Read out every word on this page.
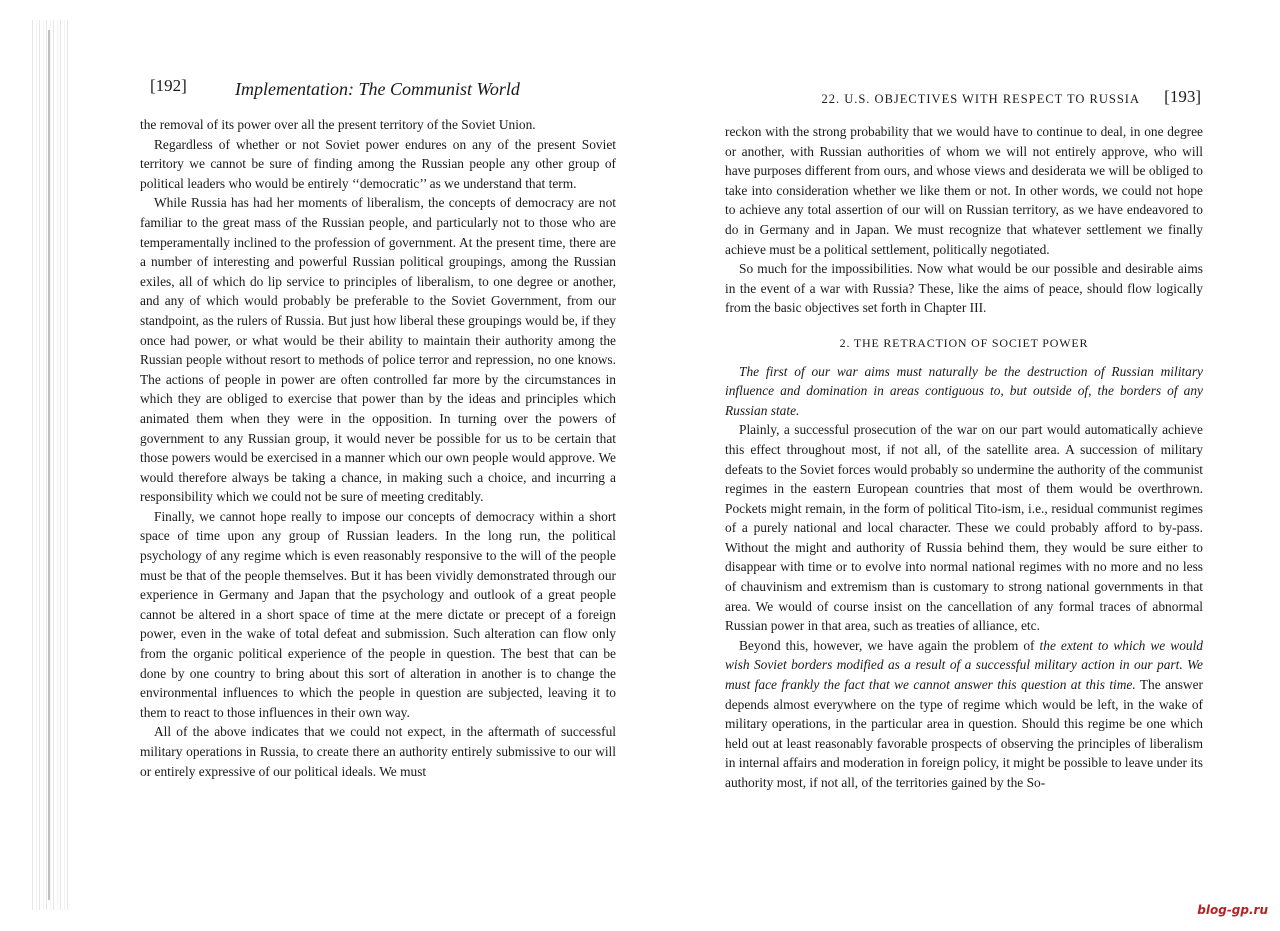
[192]	Implementation: The Communist World

the removal of its power over all the present territory of the Soviet Union.

Regardless of whether or not Soviet power endures on any of the present Soviet territory we cannot be sure of finding among the Russian people any other group of political leaders who would be entirely ‘‘democratic’’ as we understand that term.

While Russia has had her moments of liberalism, the concepts of democracy are not familiar to the great mass of the Russian people, and particularly not to those who are temperamentally inclined to the profession of government. At the present time, there are a number of interesting and powerful Russian political groupings, among the Russian exiles, all of which do lip service to principles of liberalism, to one degree or another, and any of which would probably be preferable to the Soviet Government, from our standpoint, as the rulers of Russia. But just how liberal these groupings would be, if they once had power, or what would be their ability to maintain their authority among the Russian people without resort to methods of police terror and repression, no one knows. The actions of people in power are often controlled far more by the circumstances in which they are obliged to exercise that power than by the ideas and principles which animated them when they were in the opposition. In turning over the powers of government to any Russian group, it would never be possible for us to be certain that those powers would be exercised in a manner which our own people would approve. We would therefore always be taking a chance, in making such a choice, and incurring a responsibility which we could not be sure of meeting creditably.

Finally, we cannot hope really to impose our concepts of democracy within a short space of time upon any group of Russian leaders. In the long run, the political psychology of any regime which is even reasonably responsive to the will of the people must be that of the people themselves. But it has been vividly demonstrated through our experience in Germany and Japan that the psychology and outlook of a great people cannot be altered in a short space of time at the mere dictate or precept of a foreign power, even in the wake of total defeat and submission. Such alteration can flow only from the organic political experience of the people in question. The best that can be done by one country to bring about this sort of alteration in another is to change the environmental influences to which the people in question are subjected, leaving it to them to react to those influences in their own way.

All of the above indicates that we could not expect, in the aftermath of successful military operations in Russia, to create there an authority entirely submissive to our will or entirely expressive of our political ideals. We must

22. U.S. OBJECTIVES WITH RESPECT TO RUSSIA [193]

reckon with the strong probability that we would have to continue to deal, in one degree or another, with Russian authorities of whom we will not entirely approve, who will have purposes different from ours, and whose views and desiderata we will be obliged to take into consideration whether we like them or not. In other words, we could not hope to achieve any total assertion of our will on Russian territory, as we have endeavored to do in Germany and in Japan. We must recognize that whatever settlement we finally achieve must be a political settlement, politically negotiated.

So much for the impossibilities. Now what would be our possible and desirable aims in the event of a war with Russia? These, like the aims of peace, should flow logically from the basic objectives set forth in Chapter III.

2. THE RETRACTION OF SOCIET POWER

The first of our war aims must naturally be the destruction of Russian military influence and domination in areas contiguous to, but outside of, the borders of any Russian state.

Plainly, a successful prosecution of the war on our part would automatically achieve this effect throughout most, if not all, of the satellite area. A succession of military defeats to the Soviet forces would probably so undermine the authority of the communist regimes in the eastern European countries that most of them would be overthrown. Pockets might remain, in the form of political Tito-ism, i.e., residual communist regimes of a purely national and local character. These we could probably afford to by-pass. Without the might and authority of Russia behind them, they would be sure either to disappear with time or to evolve into normal national regimes with no more and no less of chauvinism and extremism than is customary to strong national governments in that area. We would of course insist on the cancellation of any formal traces of abnormal Russian power in that area, such as treaties of alliance, etc.

Beyond this, however, we have again the problem of the extent to which we would wish Soviet borders modified as a result of a successful military action in our part. We must face frankly the fact that we cannot answer this question at this time. The answer depends almost everywhere on the type of regime which would be left, in the wake of military operations, in the particular area in question. Should this regime be one which held out at least reasonably favorable prospects of observing the principles of liberalism in internal affairs and moderation in foreign policy, it might be possible to leave under its authority most, if not all, of the territories gained by the So-

blog-gp.ru
